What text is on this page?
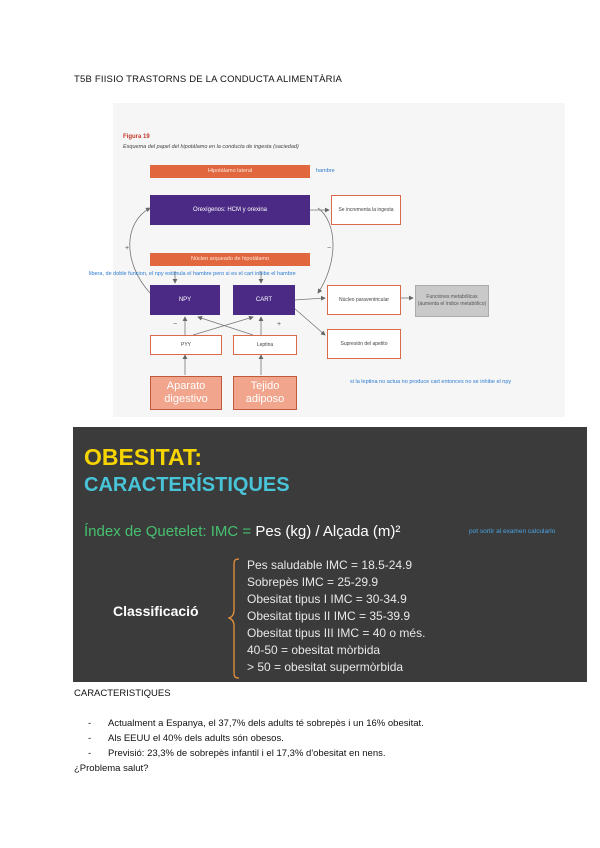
T5B FIISIO TRASTORNS DE LA CONDUCTA ALIMENTÀRIA
Figura 19
Esquema del papel del hipotálamo en la conducta de ingesta (saciedad)
Hipotálamo lateral	hambre
Orexígenos: HCM y orexina	Se incrementa la ingesta
+	−
Núcleo arqueado de hipotálamo
libera, de doble funcion, el npy estimula el hambre pero si es el cart inhibe el hambre
NPY	CART	Núcleo paraventricular	Funciones metabólicas (aumenta el índice metabólico)
Supresión del apetito
−	+
PYY	Leptina
Aparato digestivo
Tejido adiposo
si la leptina no actua no produce cart entonces no se inhibe el npy
OBESITAT:
CARACTERÍSTIQUES
Índex de Quetelet: IMC = Pes (kg) / Alçada (m)²	pot sortir al examen calcularlo
Classificació
Pes saludable IMC = 18.5-24.9
Sobrepès IMC = 25-29.9
Obesitat tipus I IMC = 30-34.9
Obesitat tipus II IMC = 35-39.9
Obesitat tipus III IMC = 40 o més.
40-50 = obesitat mòrbida
> 50 = obesitat supermòrbida
CARACTERISTIQUES
- Actualment a Espanya, el 37,7% dels adults té sobrepès i un 16% obesitat.
- Als EEUU el 40% dels adults són obesos.
- Previsió: 23,3% de sobrepès infantil i el 17,3% d'obesitat en nens.
¿Problema salut?
